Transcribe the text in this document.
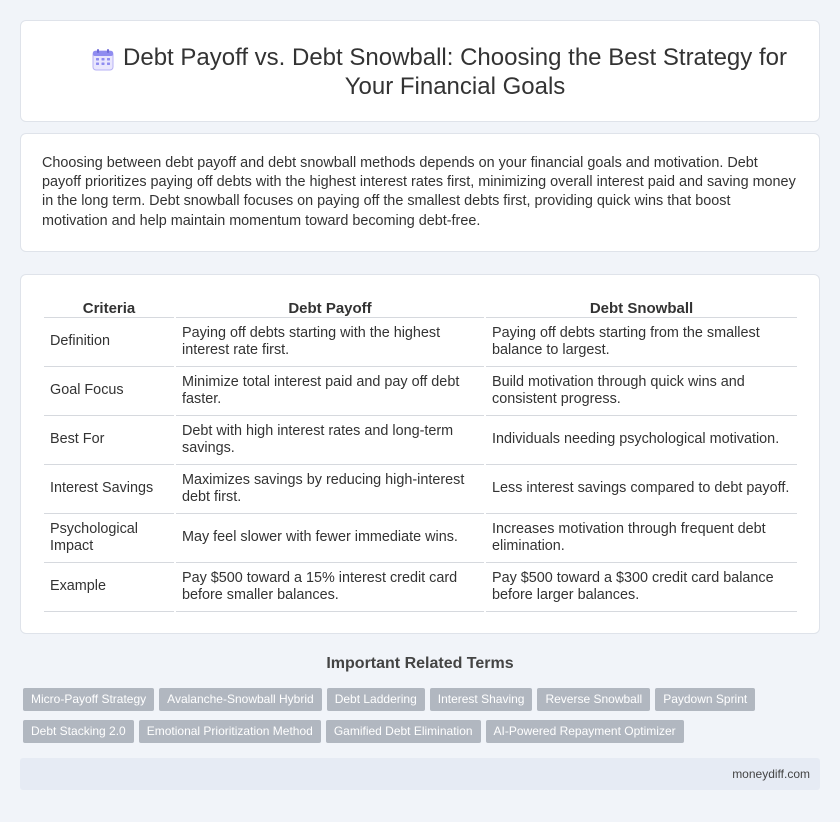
Debt Payoff vs. Debt Snowball: Choosing the Best Strategy for Your Financial Goals

Choosing between debt payoff and debt snowball methods depends on your financial goals and motivation. Debt payoff prioritizes paying off debts with the highest interest rates first, minimizing overall interest paid and saving money in the long term. Debt snowball focuses on paying off the smallest debts first, providing quick wins that boost motivation and help maintain momentum toward becoming debt-free.

Criteria	Debt Payoff	Debt Snowball
Definition	Paying off debts starting with the highest interest rate first.	Paying off debts starting from the smallest balance to largest.
Goal Focus	Minimize total interest paid and pay off debt faster.	Build motivation through quick wins and consistent progress.
Best For	Debt with high interest rates and long-term savings.	Individuals needing psychological motivation.
Interest Savings	Maximizes savings by reducing high-interest debt first.	Less interest savings compared to debt payoff.
Psychological Impact	May feel slower with fewer immediate wins.	Increases motivation through frequent debt elimination.
Example	Pay $500 toward a 15% interest credit card before smaller balances.	Pay $500 toward a $300 credit card balance before larger balances.
Important Related Terms
Micro-Payoff Strategy Avalanche-Snowball Hybrid Debt Laddering Interest Shaving Reverse Snowball Paydown SprintDebt Stacking 2.0 Emotional Prioritization Method Gamified Debt Elimination AI-Powered Repayment Optimizer
moneydiff.com
